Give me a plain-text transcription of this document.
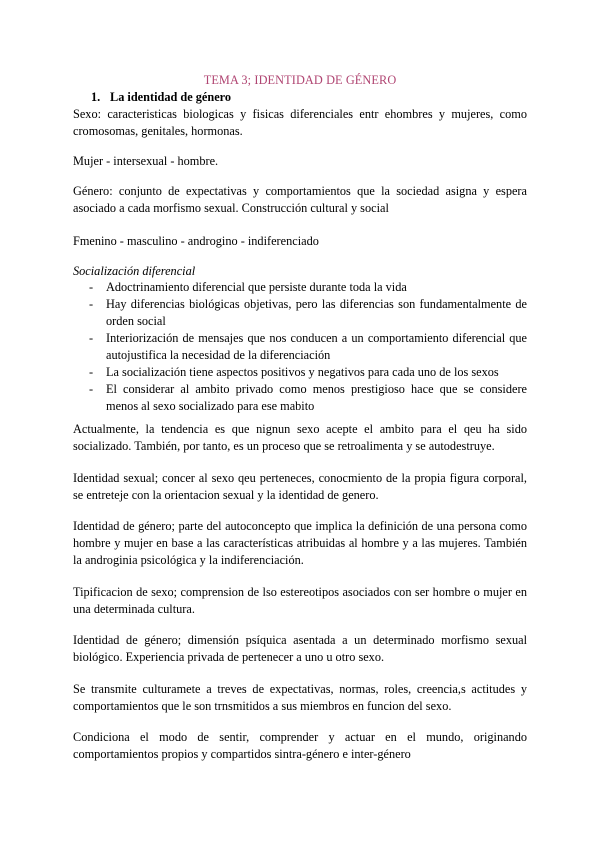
TEMA 3; IDENTIDAD DE GÉNERO
1. La identidad de género

Sexo: caracteristicas biologicas y fisicas diferenciales entr ehombres y mujeres, como cromosomas, genitales, hormonas.

Mujer - intersexual - hombre.

Género: conjunto de expectativas y comportamientos que la sociedad asigna y espera asociado a cada morfismo sexual. Construcción cultural y social

Fmenino - masculino - androgino - indiferenciado

Socialización diferencial

- Adoctrinamiento diferencial que persiste durante toda la vida
- Hay diferencias biológicas objetivas, pero las diferencias son fundamentalmente de orden social
- Interiorización de mensajes que nos conducen a un comportamiento diferencial que autojustifica la necesidad de la diferenciación
- La socialización tiene aspectos positivos y negativos para cada uno de los sexos
- El considerar al ambito privado como menos prestigioso hace que se considere menos al sexo socializado para ese mabito

Actualmente, la tendencia es que nignun sexo acepte el ambito para el qeu ha sido socializado. También, por tanto, es un proceso que se retroalimenta y se autodestruye.

Identidad sexual; concer al sexo qeu perteneces, conocmiento de la propia figura corporal, se entreteje con la orientacion sexual y la identidad de genero.

Identidad de género; parte del autoconcepto que implica la definición de una persona como hombre y mujer en base a las características atribuidas al hombre y a las mujeres. También la androginia psicológica y la indiferenciación.

Tipificacion de sexo; comprension de lso estereotipos asociados con ser hombre o mujer en una determinada cultura.

Identidad de género; dimensión psíquica asentada a un determinado morfismo sexual biológico. Experiencia privada de pertenecer a uno u otro sexo.

Se transmite culturamete a treves de expectativas, normas, roles, creencia,s actitudes y comportamientos que le son trnsmitidos a sus miembros en funcion del sexo.

Condiciona el modo de sentir, comprender y actuar en el mundo, originando comportamientos propios y compartidos sintra-género e inter-género
